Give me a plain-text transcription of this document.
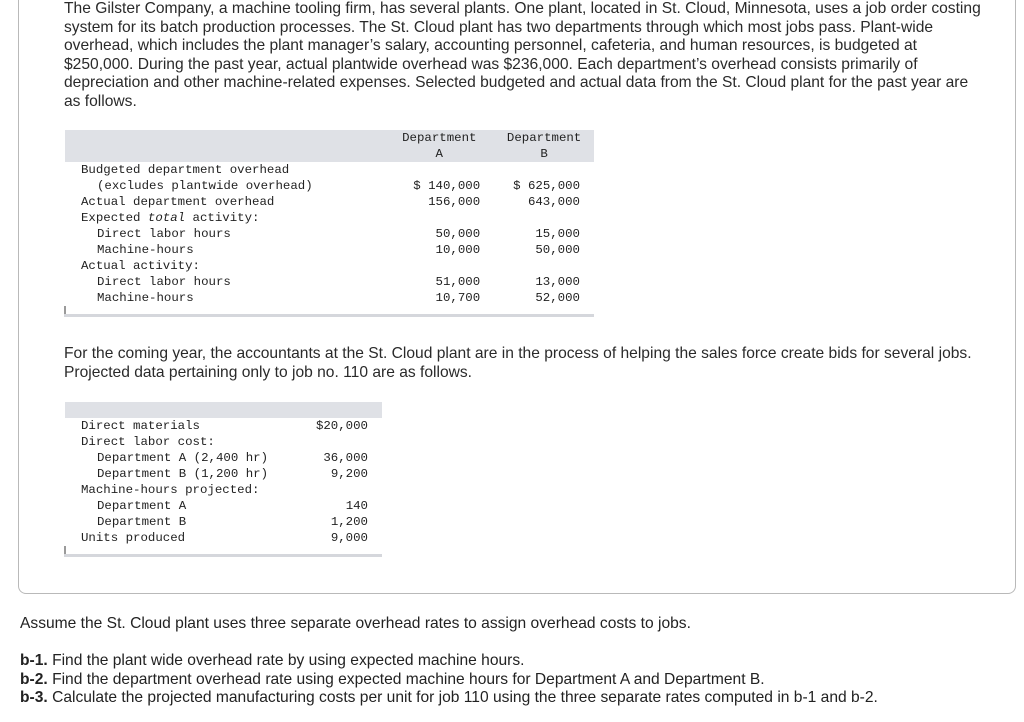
The Gilster Company, a machine tooling firm, has several plants. One plant, located in St. Cloud, Minnesota, uses a job order costing system for its batch production processes. The St. Cloud plant has two departments through which most jobs pass. Plant-wide overhead, which includes the plant manager’s salary, accounting personnel, cafeteria, and human resources, is budgeted at $250,000. During the past year, actual plantwide overhead was $236,000. Each department’s overhead consists primarily of depreciation and other machine-related expenses. Selected budgeted and actual data from the St. Cloud plant for the past year are as follows.

	Department	Department
	A	B
Budgeted department overhead		
(excludes plantwide overhead)	$ 140,000	$ 625,000
Actual department overhead	156,000	643,000
Expected total activity:		
Direct labor hours	50,000	15,000
Machine-hours	10,000	50,000
Actual activity:		
Direct labor hours	51,000	13,000
Machine-hours	10,700	52,000

For the coming year, the accountants at the St. Cloud plant are in the process of helping the sales force create bids for several jobs. Projected data pertaining only to job no. 110 are as follows.

Direct materials	$20,000
Direct labor cost:	
Department A (2,400 hr)	36,000
Department B (1,200 hr)	9,200
Machine-hours projected:	
Department A	140
Department B	1,200
Units produced	9,000

Assume the St. Cloud plant uses three separate overhead rates to assign overhead costs to jobs.

b-1. Find the plant wide overhead rate by using expected machine hours.

b-2. Find the department overhead rate using expected machine hours for Department A and Department B.

b-3. Calculate the projected manufacturing costs per unit for job 110 using the three separate rates computed in b-1 and b-2.
